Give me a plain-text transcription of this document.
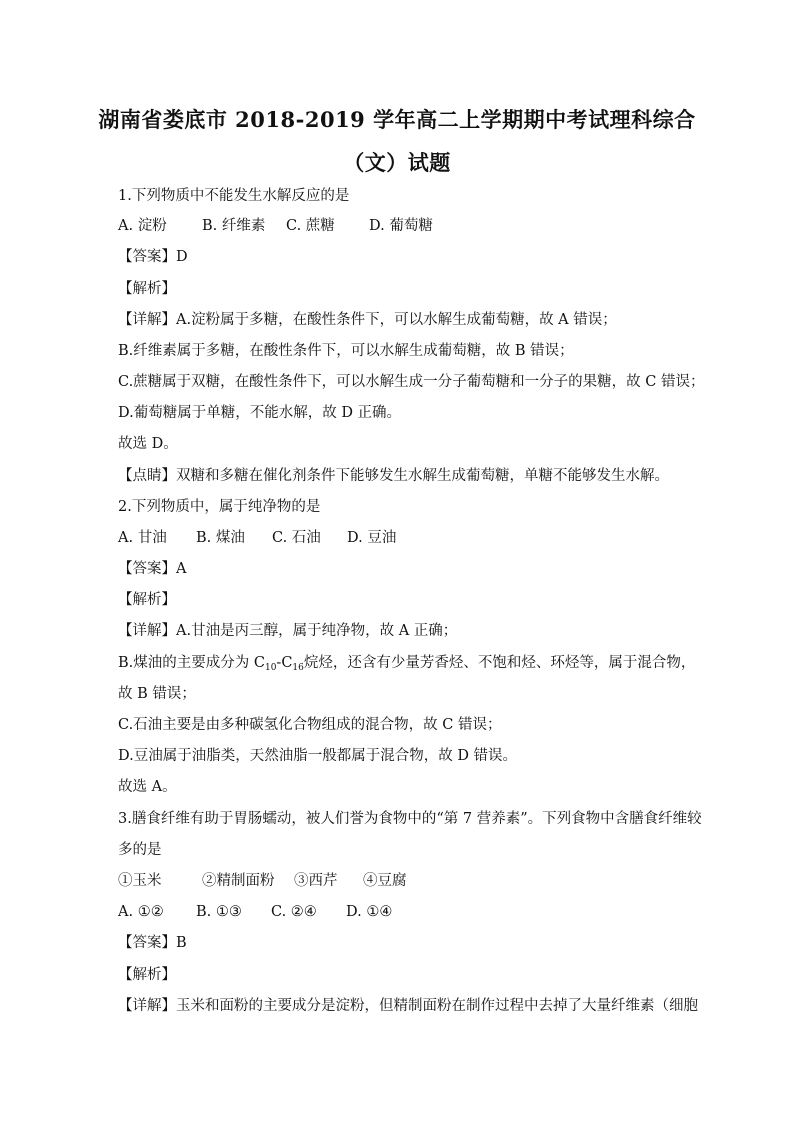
湖南省娄底市 2018-2019 学年高二上学期期中考试理科综合
（文）试题
1.下列物质中不能发生水解反应的是
A. 淀粉 B. 纤维素 C. 蔗糖 D. 葡萄糖
【答案】D
【解析】
【详解】A.淀粉属于多糖，在酸性条件下，可以水解生成葡萄糖，故 A 错误；
B.纤维素属于多糖，在酸性条件下，可以水解生成葡萄糖，故 B 错误；
C.蔗糖属于双糖，在酸性条件下，可以水解生成一分子葡萄糖和一分子的果糖，故 C 错误；
D.葡萄糖属于单糖，不能水解，故 D 正确。
故选 D。
【点睛】双糖和多糖在催化剂条件下能够发生水解生成葡萄糖，单糖不能够发生水解。
2.下列物质中，属于纯净物的是
A. 甘油 B. 煤油 C. 石油 D. 豆油
【答案】A
【解析】
【详解】A.甘油是丙三醇，属于纯净物，故 A 正确；
B.煤油的主要成分为 $C_{10}-C_{16}$烷烃，还含有少量芳香烃、不饱和烃、环烃等，属于混合物，
故 B 错误；
C.石油主要是由多种碳氢化合物组成的混合物，故 C 错误；
D.豆油属于油脂类，天然油脂一般都属于混合物，故 D 错误。
故选 A。
3.膳食纤维有助于胃肠蠕动，被人们誉为食物中的“第 7 营养素”。下列食物中含膳食纤维较
多的是
①玉米	②精制面粉 ③西芹 ④豆腐
A. ①② B. ①③ C. ②④ D. ①④
【答案】B
【解析】
【详解】玉米和面粉的主要成分是淀粉，但精制面粉在制作过程中去掉了大量纤维素（细胞
